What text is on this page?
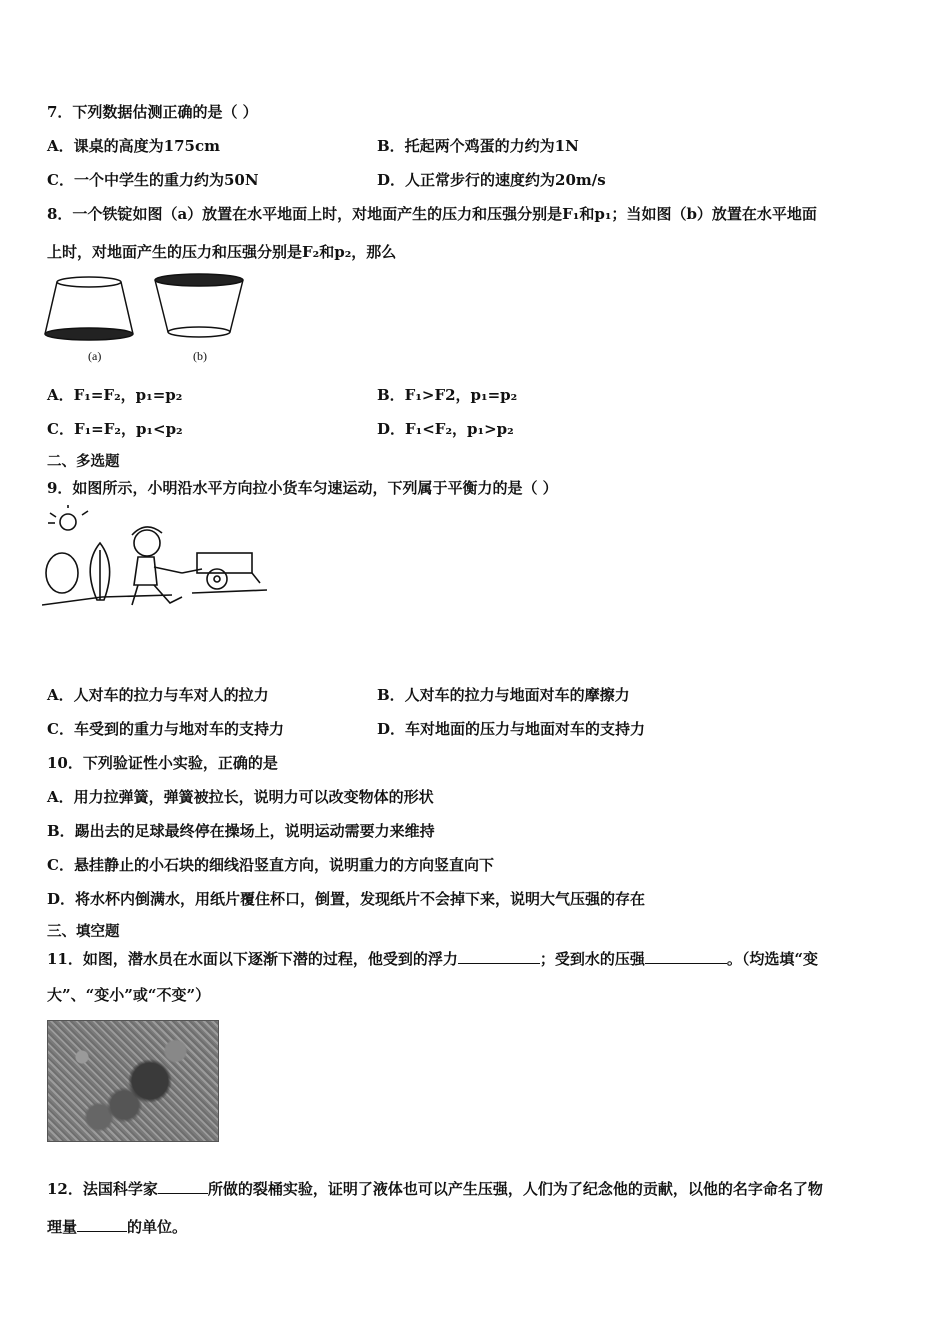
7．下列数据估测正确的是（ ）
A．课桌的高度为175cm	B．托起两个鸡蛋的力约为1N
C．一个中学生的重力约为50N	D．人正常步行的速度约为20m/s
8．一个铁锭如图（a）放置在水平地面上时，对地面产生的压力和压强分别是F₁和p₁；当如图（b）放置在水平地面
上时，对地面产生的压力和压强分别是F₂和p₂，那么
(a)	(b)
A．F₁=F₂，p₁=p₂	B．F₁>F2，p₁=p₂
C．F₁=F₂，p₁<p₂	D．F₁<F₂，p₁>p₂
二、多选题
9．如图所示，小明沿水平方向拉小货车匀速运动，下列属于平衡力的是（ ）
A．人对车的拉力与车对人的拉力	B．人对车的拉力与地面对车的摩擦力
C．车受到的重力与地对车的支持力	D．车对地面的压力与地面对车的支持力
10．下列验证性小实验，正确的是
A．用力拉弹簧，弹簧被拉长，说明力可以改变物体的形状
B．踢出去的足球最终停在操场上，说明运动需要力来维持
C．悬挂静止的小石块的细线沿竖直方向，说明重力的方向竖直向下
D．将水杯内倒满水，用纸片覆住杯口，倒置，发现纸片不会掉下来，说明大气压强的存在
三、填空题
11．如图，潜水员在水面以下逐渐下潜的过程，他受到的浮力	；受到水的压强	。（均选填“变
大”、“变小”或“不变”）
12．法国科学家	所做的裂桶实验，证明了液体也可以产生压强，人们为了纪念他的贡献，以他的名字命名了物
理量	的单位。
